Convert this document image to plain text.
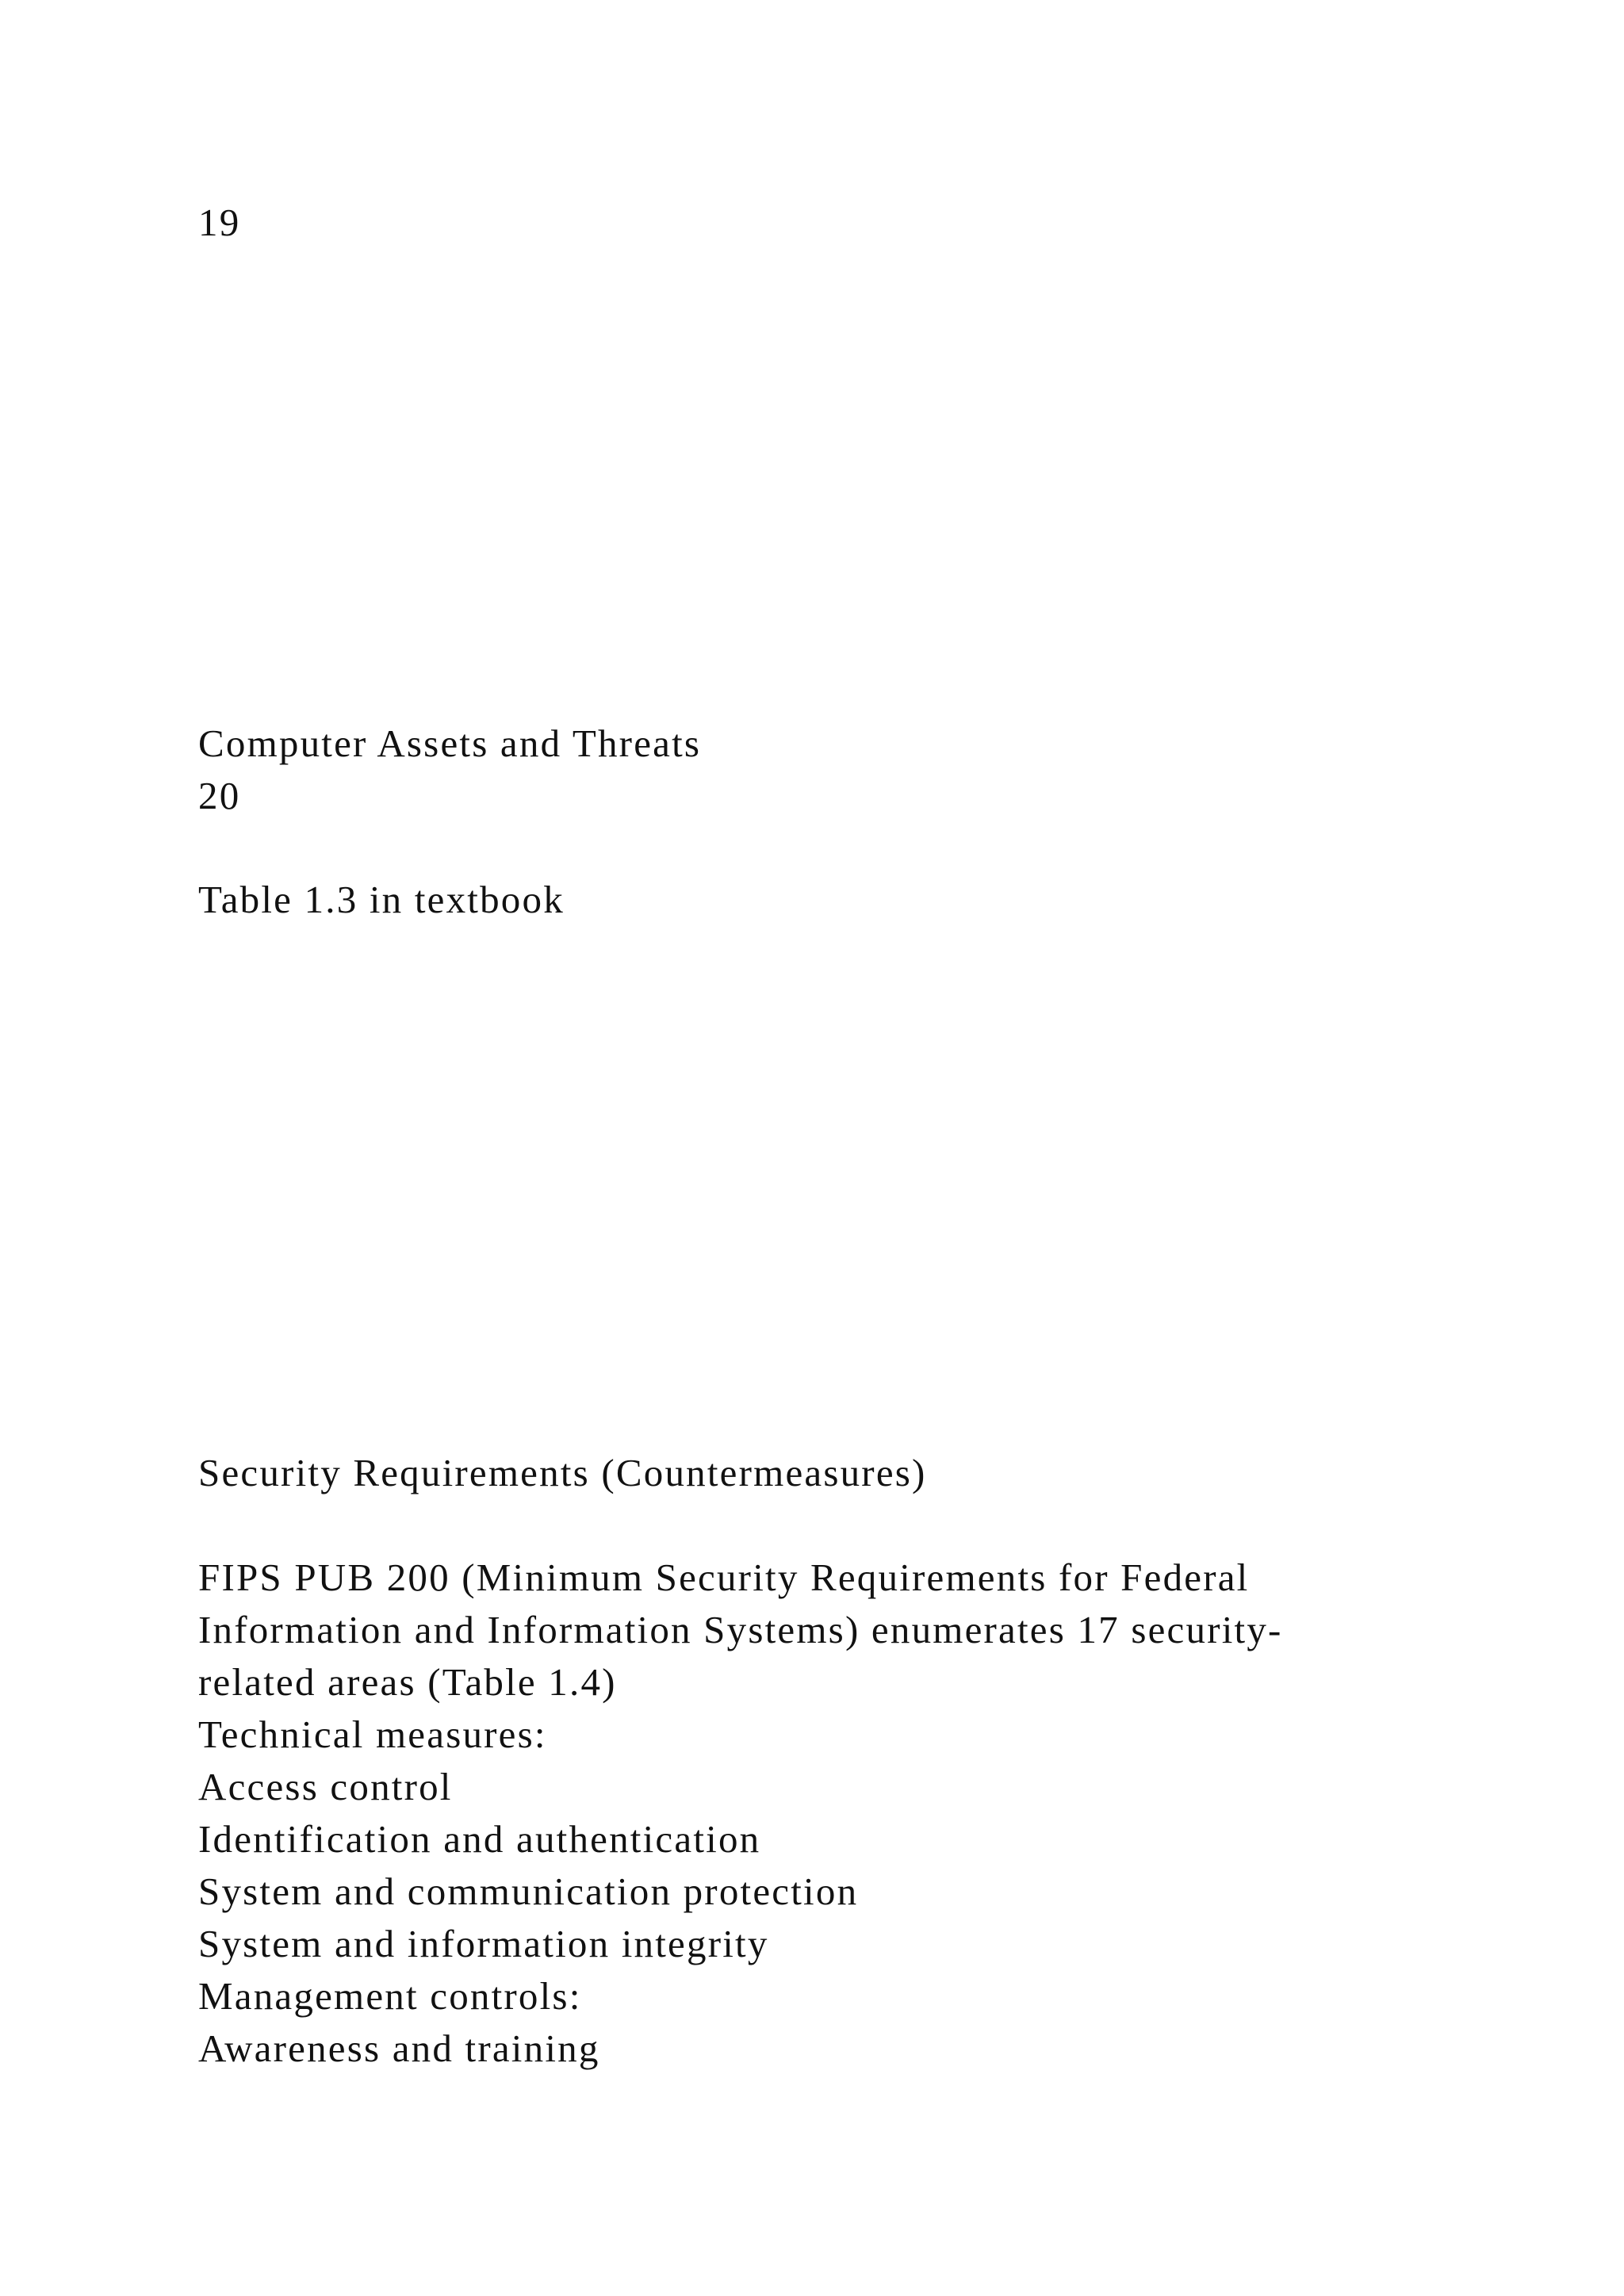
19

Computer Assets and Threats

20

Table 1.3 in textbook

Security Requirements (Countermeasures)

FIPS PUB 200 (Minimum Security Requirements for Federal

Information and Information Systems) enumerates 17 security-

related areas (Table 1.4)

Technical measures:

Access control

Identification and authentication

System and communication protection

System and information integrity

Management controls:

Awareness and training
